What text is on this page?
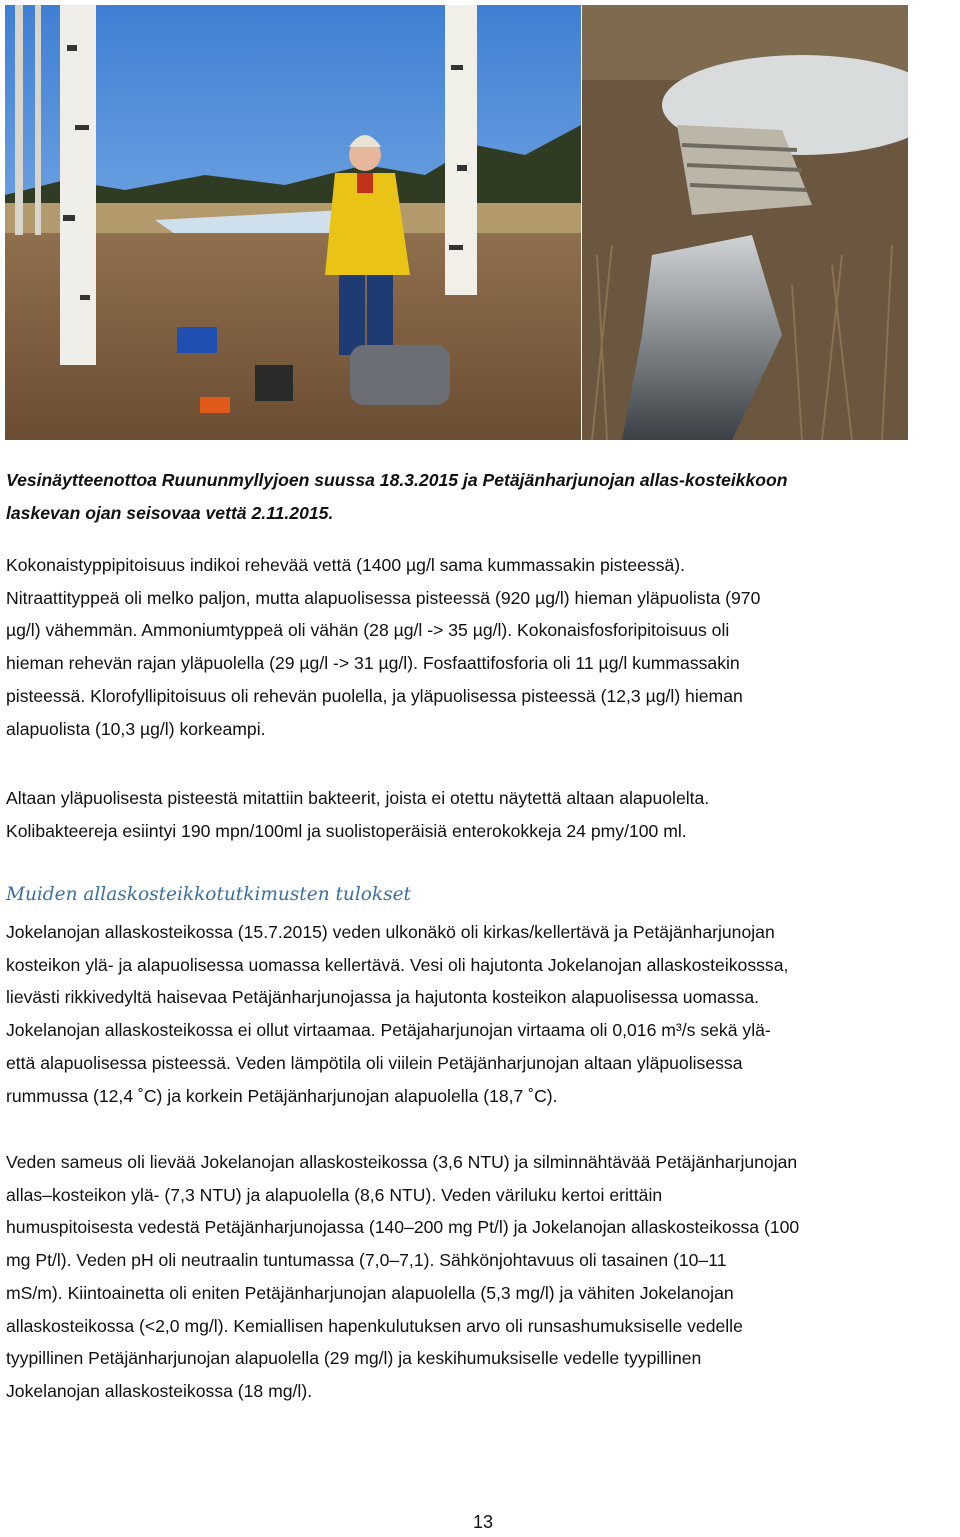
Vesinäytteenottoa Ruununmyllyjoen suussa 18.3.2015 ja Petäjänharjunojan allas-kosteikkoon

laskevan ojan seisovaa vettä 2.11.2015.

Kokonaistyppipitoisuus indikoi rehevää vettä (1400 µg/l sama kummassakin pisteessä).

Nitraattityppeä oli melko paljon, mutta alapuolisessa pisteessä (920 µg/l) hieman yläpuolista (970

µg/l) vähemmän. Ammoniumtyppeä oli vähän (28 µg/l -> 35 µg/l). Kokonaisfosforipitoisuus oli

hieman rehevän rajan yläpuolella (29 µg/l -> 31 µg/l). Fosfaattifosforia oli 11 µg/l kummassakin

pisteessä. Klorofyllipitoisuus oli rehevän puolella, ja yläpuolisessa pisteessä (12,3 µg/l) hieman

alapuolista (10,3 µg/l) korkeampi.

Altaan yläpuolisesta pisteestä mitattiin bakteerit, joista ei otettu näytettä altaan alapuolelta.

Kolibakteereja esiintyi 190 mpn/100ml ja suolistoperäisiä enterokokkeja 24 pmy/100 ml.

Muiden allaskosteikkotutkimusten tulokset

Jokelanojan allaskosteikossa (15.7.2015) veden ulkonäkö oli kirkas/kellertävä ja Petäjänharjunojan

kosteikon ylä- ja alapuolisessa uomassa kellertävä. Vesi oli hajutonta Jokelanojan allaskosteikosssa,

lievästi rikkivedyltä haisevaa Petäjänharjunojassa ja hajutonta kosteikon alapuolisessa uomassa.

Jokelanojan allaskosteikossa ei ollut virtaamaa. Petäjaharjunojan virtaama oli 0,016 m³/s sekä ylä-

että alapuolisessa pisteessä. Veden lämpötila oli viilein Petäjänharjunojan altaan yläpuolisessa

rummussa (12,4 ˚C) ja korkein Petäjänharjunojan alapuolella (18,7 ˚C).

Veden sameus oli lievää Jokelanojan allaskosteikossa (3,6 NTU) ja silminnähtävää Petäjänharjunojan

allas–kosteikon ylä- (7,3 NTU) ja alapuolella (8,6 NTU). Veden väriluku kertoi erittäin

humuspitoisesta vedestä Petäjänharjunojassa (140–200 mg Pt/l) ja Jokelanojan allaskosteikossa (100

mg Pt/l). Veden pH oli neutraalin tuntumassa (7,0–7,1). Sähkönjohtavuus oli tasainen (10–11

mS/m). Kiintoainetta oli eniten Petäjänharjunojan alapuolella (5,3 mg/l) ja vähiten Jokelanojan

allaskosteikossa (<2,0 mg/l). Kemiallisen hapenkulutuksen arvo oli runsashumuksiselle vedelle

tyypillinen Petäjänharjunojan alapuolella (29 mg/l) ja keskihumuksiselle vedelle tyypillinen

Jokelanojan allaskosteikossa (18 mg/l).

13
